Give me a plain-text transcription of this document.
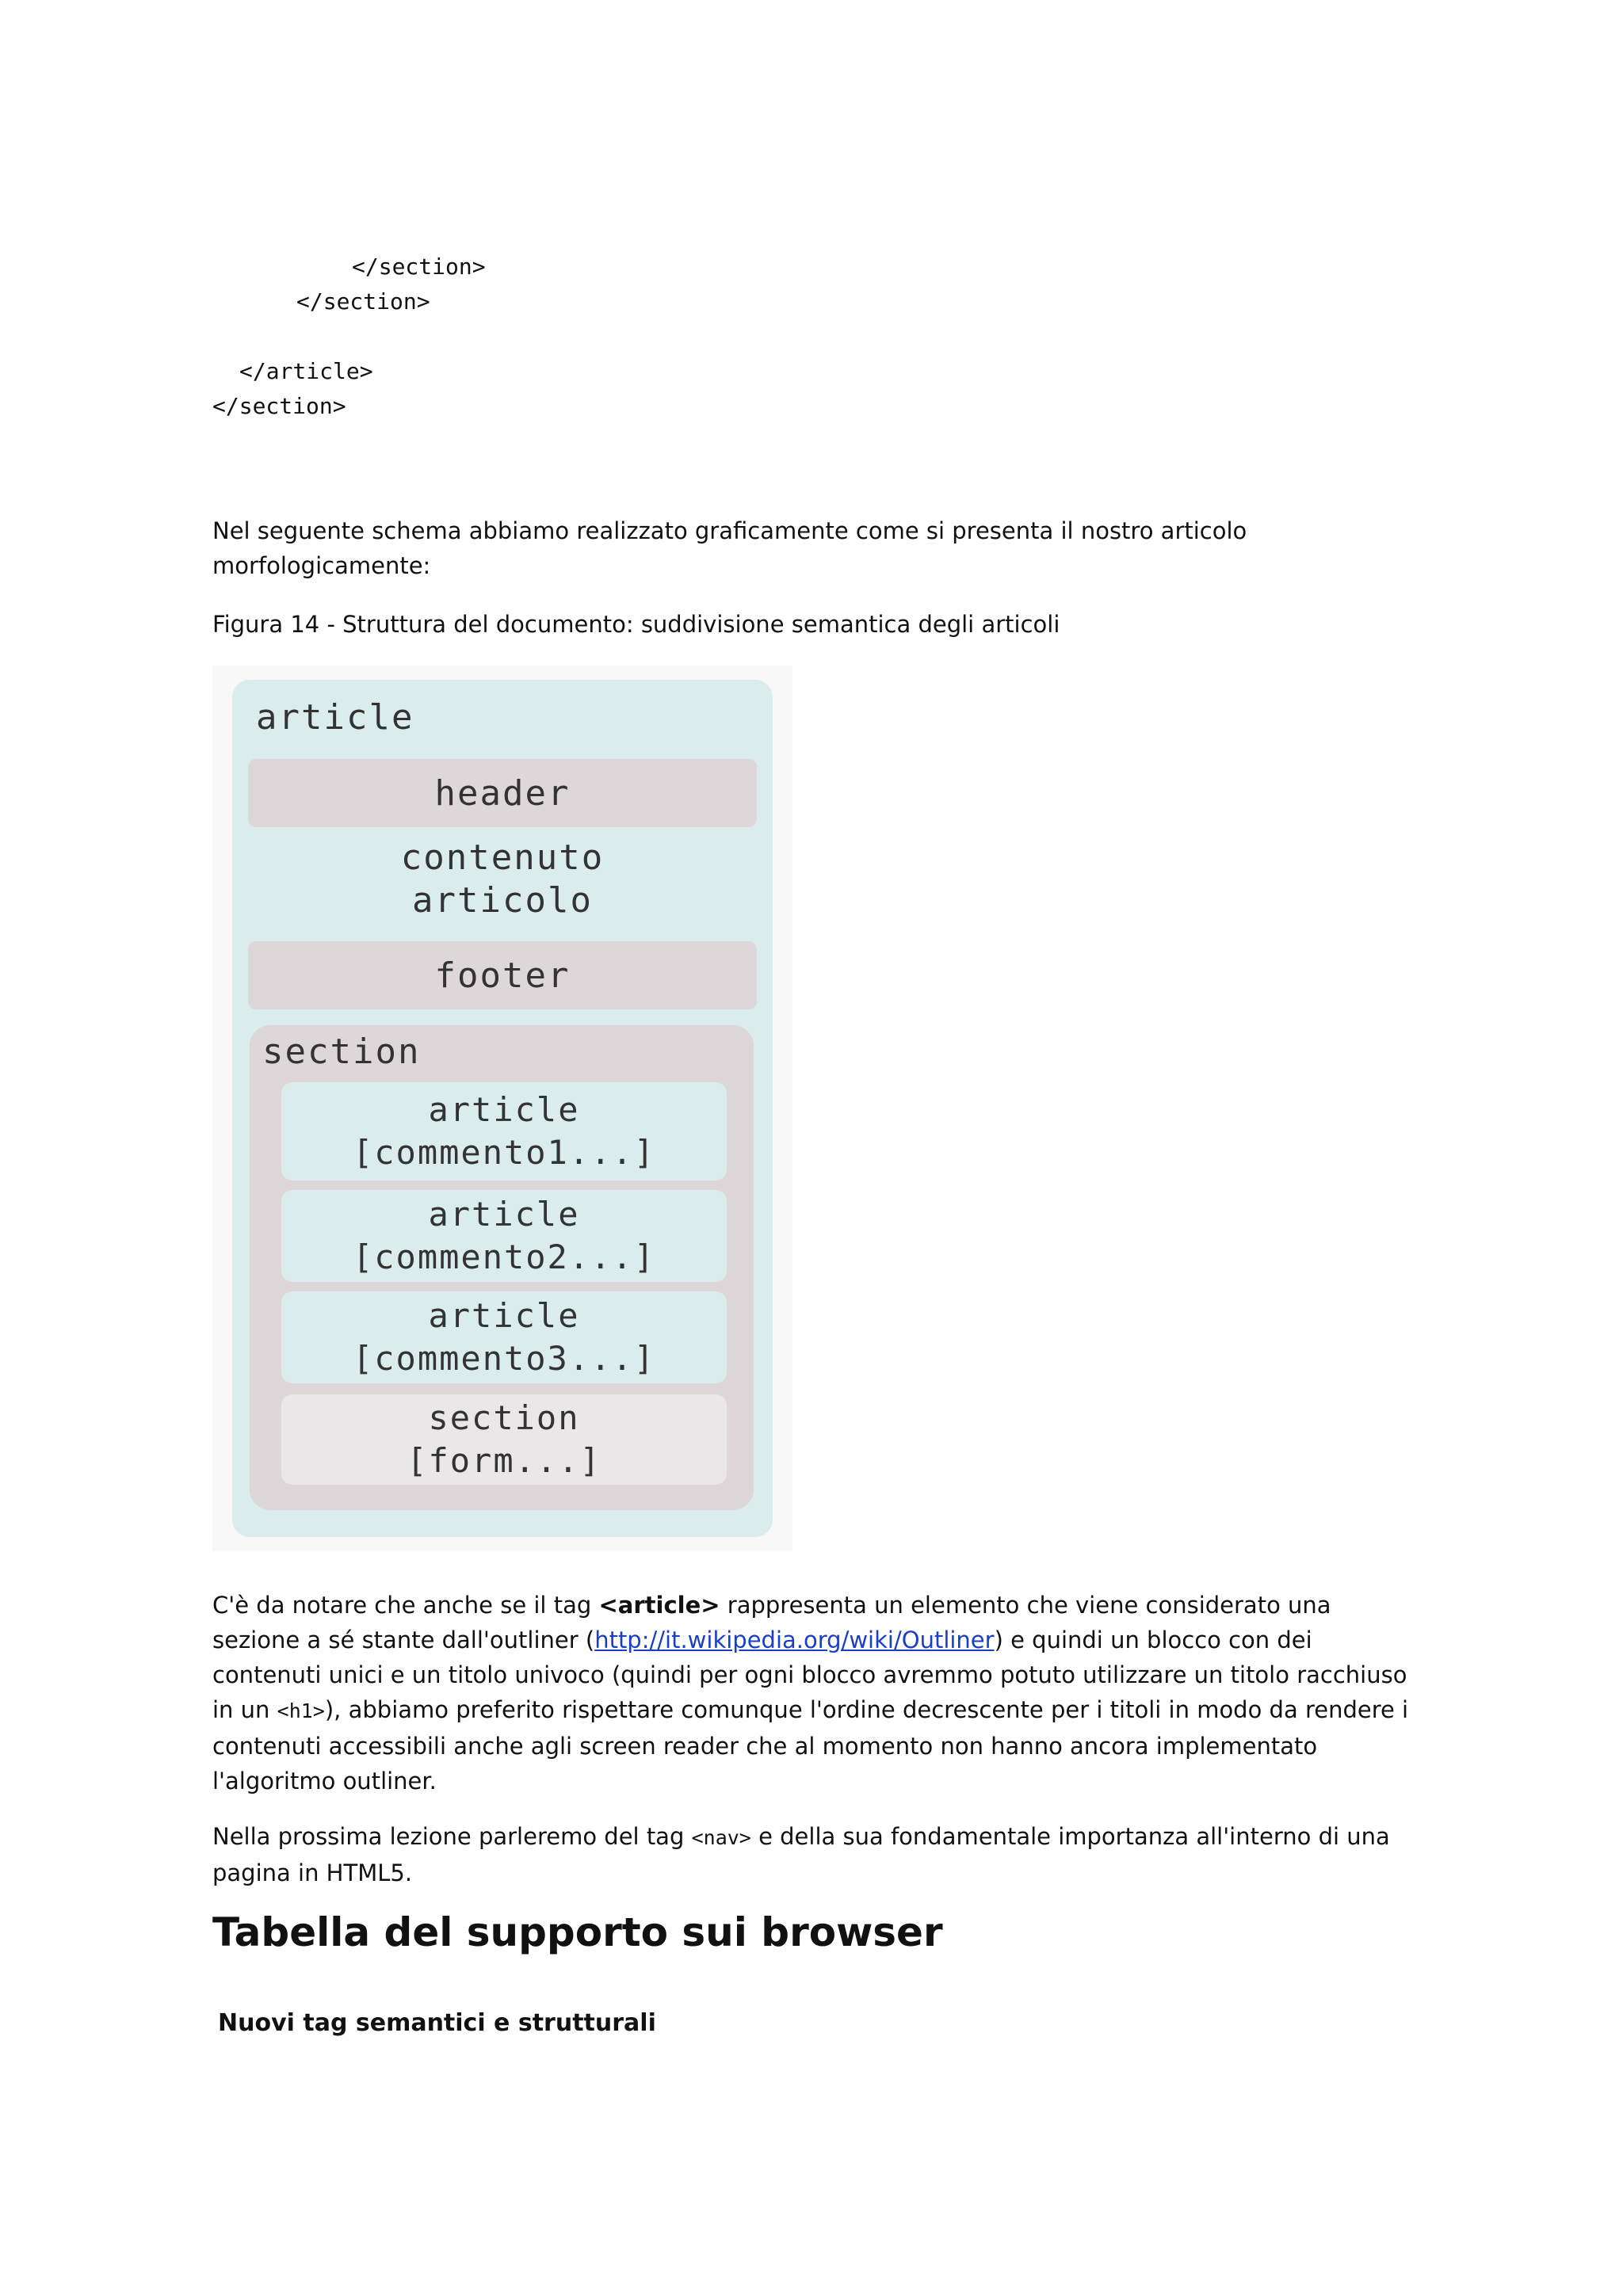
</section>
</section>
</article>
</section>

Nel seguente schema abbiamo realizzato graficamente come si presenta il nostro articolo morfologicamente:

Figura 14 - Struttura del documento: suddivisione semantica degli articoli

article
header
contenuto
articolo
footer
section
article
[commento1...]
article
[commento2...]
article
[commento3...]
section
[form...]

C'è da notare che anche se il tag <article> rappresenta un elemento che viene considerato una sezione a sé stante dall'outliner (http://it.wikipedia.org/wiki/Outliner) e quindi un blocco con dei contenuti unici e un titolo univoco (quindi per ogni blocco avremmo potuto utilizzare un titolo racchiuso in un <h1>), abbiamo preferito rispettare comunque l'ordine decrescente per i titoli in modo da rendere i contenuti accessibili anche agli screen reader che al momento non hanno ancora implementato l'algoritmo outliner.

Nella prossima lezione parleremo del tag <nav> e della sua fondamentale importanza all'interno di una pagina in HTML5.

Tabella del supporto sui browser

Nuovi tag semantici e strutturali
